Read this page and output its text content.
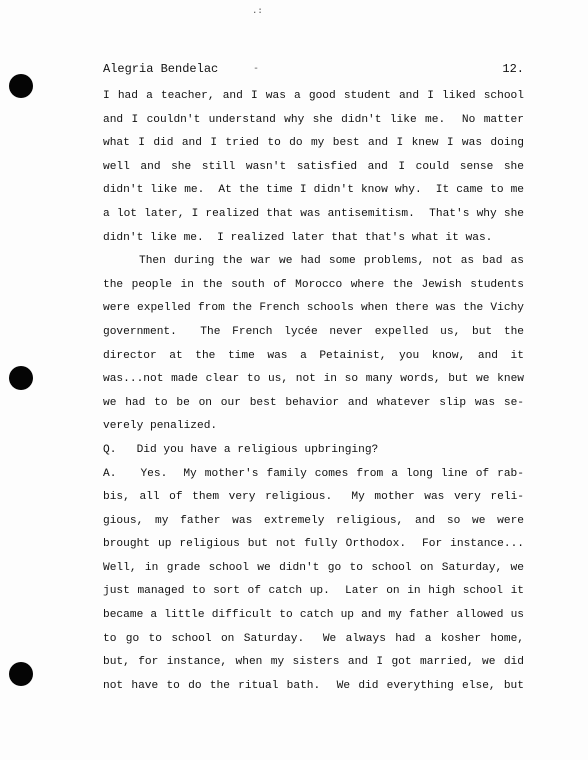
.:
Alegria Bendelac	-	12.
I had a teacher, and I was a good student and I liked school
and I couldn't understand why she didn't like me.  No matter
what I did and I tried to do my best and I knew I was doing
well and she still wasn't satisfied and I could sense she
didn't like me.  At the time I didn't know why.  It came to me
a lot later, I realized that was antisemitism.  That's why she
didn't like me.  I realized later that that's what it was.
Then during the war we had some problems, not as bad as
the people in the south of Morocco where the Jewish students
were expelled from the French schools when there was the Vichy
government.  The French lycée never expelled us, but the
director at the time was a Petainist, you know, and it
was...not made clear to us, not in so many words, but we knew
we had to be on our best behavior and whatever slip was se-
verely penalized.
Q.   Did you have a religious upbringing?
A.   Yes.  My mother's family comes from a long line of rab-
bis, all of them very religious.  My mother was very reli-
gious, my father was extremely religious, and so we were
brought up religious but not fully Orthodox.  For instance...
Well, in grade school we didn't go to school on Saturday, we
just managed to sort of catch up.  Later on in high school it
became a little difficult to catch up and my father allowed us
to go to school on Saturday.  We always had a kosher home,
but, for instance, when my sisters and I got married, we did
not have to do the ritual bath.  We did everything else, but
